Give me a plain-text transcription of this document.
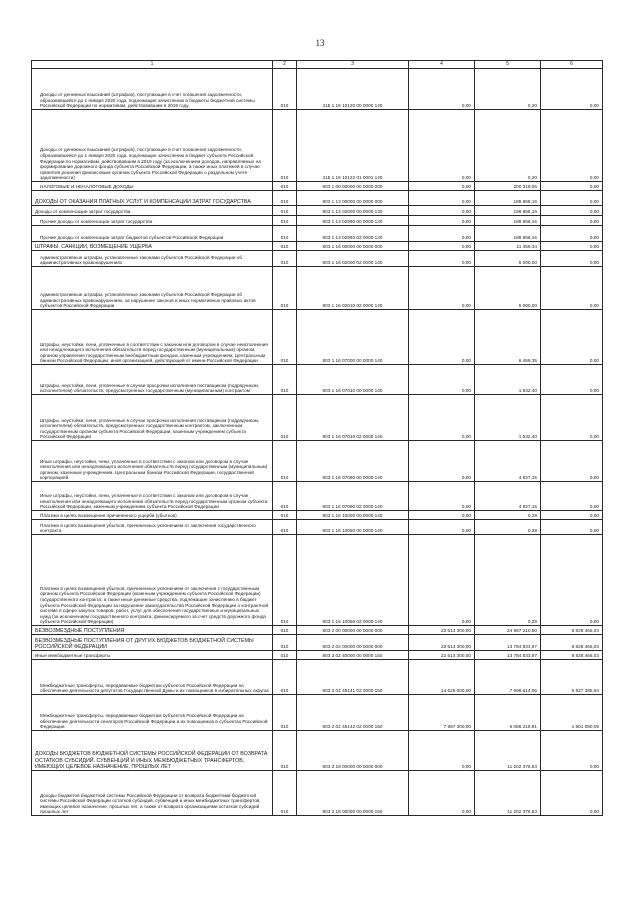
13
1	2	3	4	5	6
Доходы от денежных взысканий (штрафов), поступающие в счет погашения задолженности, образовавшейся до 1 января 2020 года, подлежащие зачислению в бюджеты бюджетной системы Российской Федерации по нормативам, действовавшим в 2019 году	010	415 1 16 10120 00 0000 140	0,00	0,20	0,00
Доходы от денежных взысканий (штрафов), поступающие в счет погашения задолженности, образовавшейся до 1 января 2020 года, подлежащие зачислению в бюджет субъекта Российской Федерации по нормативам, действовавшим в 2019 году (за исключением доходов, направляемых на формирование дорожного фонда субъекта Российской Федерации, а также иных платежей в случае принятия решения финансовым органом субъекта Российской Федерации о раздельном учете задолженности)	010	415 1 16 10122 01 0001 140	0,00	0,20	0,00
НАЛОГОВЫЕ И НЕНАЛОГОВЫЕ ДОХОДЫ	010	803 1 00 00000 00 0000 000	0,00	200 318,06	0,00
ДОХОДЫ ОТ ОКАЗАНИЯ ПЛАТНЫХ УСЛУГ И КОМПЕНСАЦИИ ЗАТРАТ ГОСУДАРСТВА	010	803 1 13 00000 00 0000 000	0,00	188 858,16	0,00
Доходы от компенсации затрат государства	010	803 1 13 02000 00 0000 130	0,00	188 858,16	0,00
Прочие доходы от компенсации затрат государства	010	803 1 13 02990 00 0000 130	0,00	188 858,16	0,00
Прочие доходы от компенсации затрат бюджетов субъектов Российской Федерации	010	803 1 13 02992 02 0000 130	0,00	188 858,16	0,00
ШТРАФЫ, САНКЦИИ, ВОЗМЕЩЕНИЕ УЩЕРБА	010	803 1 16 00000 00 0000 000	0,00	11 459,34	0,00
Административные штрафы, установленные законами субъектов Российской Федерации об административных правонарушениях	010	803 1 16 02000 02 0000 140	0,00	5 000,00	0,00
Административные штрафы, установленные законами субъектов Российской Федерации об административных правонарушениях, за нарушение законов и иных нормативных правовых актов субъектов Российской Федерации	010	803 1 16 02010 02 0000 140	0,00	5 000,00	0,00
Штрафы, неустойки, пени, уплаченные в соответствии с законом или договором в случае неисполнения или ненадлежащего исполнения обязательств перед государственным (муниципальным) органом, органом управления государственным внебюджетным фондом, казенным учреждением, Центральным банком Российской Федерации, иной организацией, действующей от имени Российской Федерации	010	803 1 16 07000 00 0000 140	0,00	6 459,35	0,00
Штрафы, неустойки, пени, уплаченные в случае просрочки исполнения поставщиком (подрядчиком, исполнителем) обязательств, предусмотренных государственным (муниципальным) контрактом	010	803 1 16 07010 00 0000 140	0,00	1 532,40	0,00
Штрафы, неустойки, пени, уплаченные в случае просрочки исполнения поставщиком (подрядчиком, исполнителем) обязательств, предусмотренных государственным контрактом, заключенным государственным органом субъекта Российской Федерации, казенным учреждением субъекта Российской Федерации	010	803 1 16 07010 02 0000 140	0,00	1 532,40	0,00
Иные штрафы, неустойки, пени, уплаченные в соответствии с законом или договором в случае неисполнения или ненадлежащего исполнения обязательств перед государственным (муниципальным) органом, казенным учреждением, Центральным банком Российской Федерации, государственной корпорацией	010	803 1 16 07090 00 0000 140	0,00	4 927,15	0,00
Иные штрафы, неустойки, пени, уплаченные в соответствии с законом или договором в случае неисполнения или ненадлежащего исполнения обязательств перед государственным органом субъекта Российской Федерации, казенным учреждением субъекта Российской Федерации	010	803 1 16 07090 02 0000 140	0,00	4 927,15	0,00
Платежи в целях возмещения причиненного ущерба (убытков)	010	803 1 16 10000 00 0000 140	0,00	0,29	0,00
Платежи в целях возмещения убытков, причиненных уклонением от заключения государственного контракта	010	803 1 16 10050 00 0000 140	0,00	0,29	0,00
Платежи в целях возмещения убытков, причиненных уклонением от заключения с государственным органом субъекта Российской Федерации (казенным учреждением субъекта Российской Федерации) государственного контракта, а также иные денежные средства, подлежащие зачислению в бюджет субъекта Российской Федерации за нарушение законодательства Российской Федерации о контрактной системе в сфере закупок товаров, работ, услуг для обеспечения государственных и муниципальных нужд (за исключением государственного контракта, финансируемого за счет средств дорожного фонда субъекта Российской Федерации)	010	803 1 16 10056 02 0000 140	0,00	0,29	0,00
БЕЗВОЗМЕЗДНЫЕ ПОСТУПЛЕНИЯ	010	803 2 00 00000 00 0000 000	22 613 300,00	24 987 210,50	8 828 466,03
БЕЗВОЗМЕЗДНЫЕ ПОСТУПЛЕНИЯ ОТ ДРУГИХ БЮДЖЕТОВ БЮДЖЕТНОЙ СИСТЕМЫ РОССИЙСКОЙ ФЕДЕРАЦИИ	010	803 2 02 00000 00 0000 000	22 613 300,00	13 784 833,97	8 828 466,03
Иные межбюджетные трансферты	010	803 2 02 40000 00 0000 150	22 613 300,00	13 784 833,97	8 828 466,03
Межбюджетные трансферты, передаваемые бюджетам субъектов Российской Федерации на обеспечение деятельности депутатов Государственной Думы и их помощников в избирательных округах	010	803 2 02 45141 02 0000 150	14 626 000,00	7 698 614,06	6 927 385,94
Межбюджетные трансферты, передаваемые бюджетам субъектов Российской Федерации на обеспечение деятельности сенаторов Российской Федерации и их помощников в субъектах Российской Федерации	010	803 2 02 45142 02 0000 150	7 987 300,00	6 086 219,91	1 901 080,09
ДОХОДЫ БЮДЖЕТОВ БЮДЖЕТНОЙ СИСТЕМЫ РОССИЙСКОЙ ФЕДЕРАЦИИ ОТ ВОЗВРАТА ОСТАТКОВ СУБСИДИЙ, СУБВЕНЦИЙ И ИНЫХ МЕЖБЮДЖЕТНЫХ ТРАНСФЕРТОВ, ИМЕЮЩИХ ЦЕЛЕВОЕ НАЗНАЧЕНИЕ, ПРОШЛЫХ ЛЕТ	010	803 2 18 00000 00 0000 000	0,00	11 202 376,53	0,00
Доходы бюджетов бюджетной системы Российской Федерации от возврата бюджетами бюджетной системы Российской Федерации остатков субсидий, субвенций и иных межбюджетных трансфертов, имеющих целевое назначение, прошлых лет, а также от возврата организациями остатков субсидий прошлых лет	010	803 2 18 00000 00 0000 150	0,00	11 202 376,53	0,00
